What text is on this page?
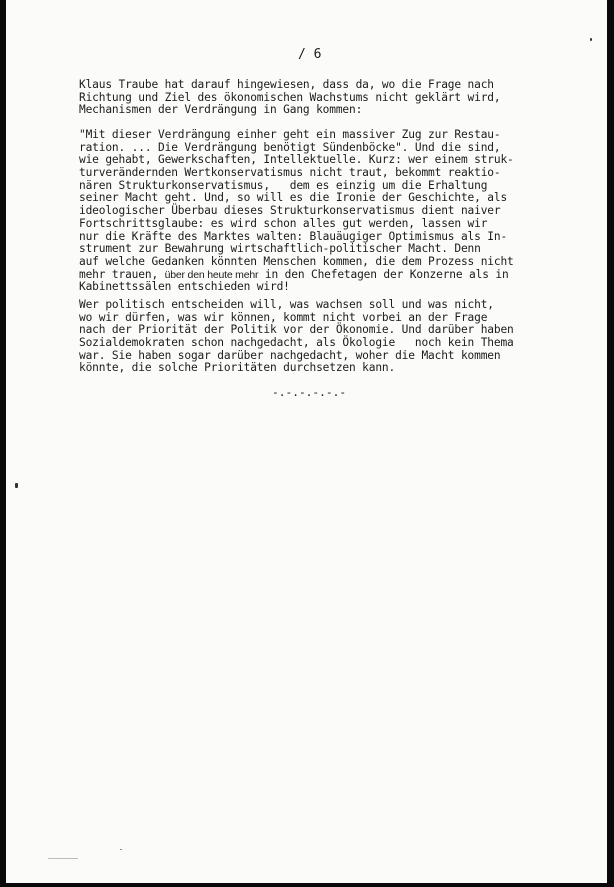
/ 6
Klaus Traube hat darauf hingewiesen, dass da, wo die Frage nach
Richtung und Ziel des ökonomischen Wachstums nicht geklärt wird,
Mechanismen der Verdrängung in Gang kommen:
"Mit dieser Verdrängung einher geht ein massiver Zug zur Restau-
ration. ... Die Verdrängung benötigt Sündenböcke". Und die sind,
wie gehabt, Gewerkschaften, Intellektuelle. Kurz: wer einem struk-
turverändernden Wertkonservatismus nicht traut, bekommt reaktio-
nären Strukturkonservatismus,   dem es einzig um die Erhaltung
seiner Macht geht. Und, so will es die Ironie der Geschichte, als
ideologischer Überbau dieses Strukturkonservatismus dient naiver
Fortschrittsglaube: es wird schon alles gut werden, lassen wir
nur die Kräfte des Marktes walten: Blauäugiger Optimismus als In-
strument zur Bewahrung wirtschaftlich-politischer Macht. Denn
auf welche Gedanken könnten Menschen kommen, die dem Prozess nicht
mehr trauen, über den heute mehr in den Chefetagen der Konzerne als in
Kabinettssälen entschieden wird!
Wer politisch entscheiden will, was wachsen soll und was nicht,
wo wir dürfen, was wir können, kommt nicht vorbei an der Frage
nach der Priorität der Politik vor der Ökonomie. Und darüber haben
Sozialdemokraten schon nachgedacht, als Ökologie   noch kein Thema
war. Sie haben sogar darüber nachgedacht, woher die Macht kommen
könnte, die solche Prioritäten durchsetzen kann.
-.-.-.-.-.-
